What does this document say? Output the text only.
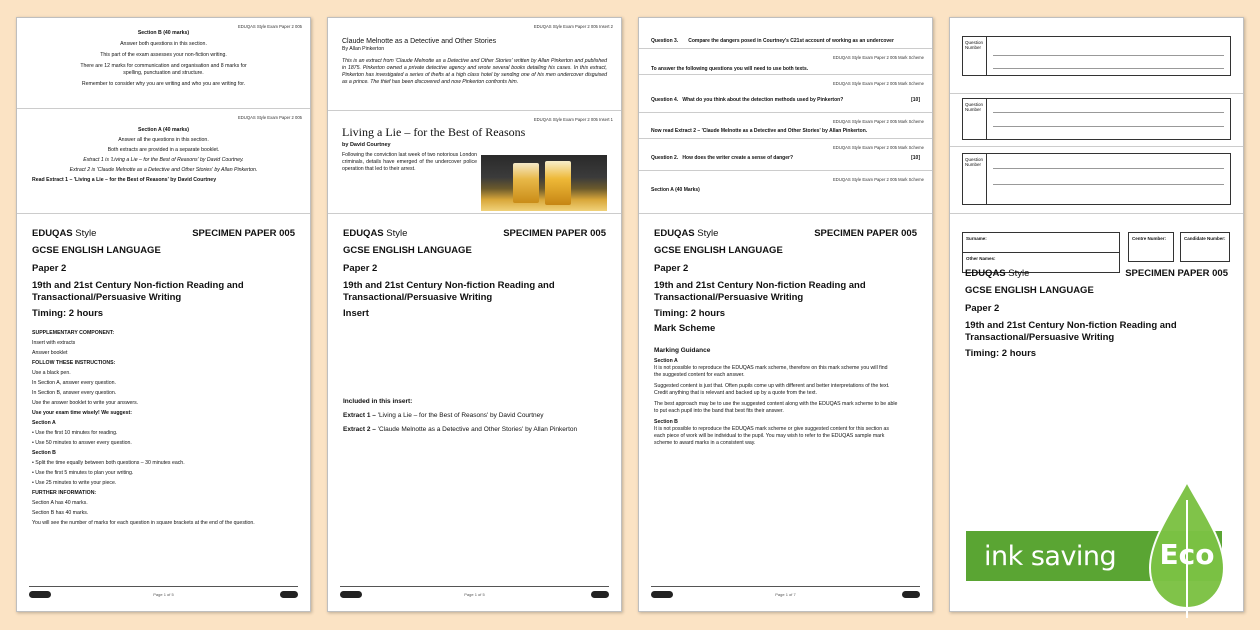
EDUQAS Style Exam Paper 2 005
Section B (40 marks)
Answer both questions in this section.
This part of the exam assesses your non-fiction writing.
There are 12 marks for communication and organisation and 8 marks for
spelling, punctuation and structure.
Remember to consider why you are writing and who you are writing for.
EDUQAS Style Exam Paper 2 005
Section A (40 marks)
Answer all the questions in this section.
Both extracts are provided in a separate booklet.
Extract 1 is 'Living a Lie – for the Best of Reasons' by David Courtney.
Extract 2 is 'Claude Melnotte as a Detective and Other Stories' by Allan Pinkerton.
Read Extract 1 – 'Living a Lie – for the Best of Reasons' by David Courtney
EDUQAS Style	SPECIMEN PAPER 005
GCSE ENGLISH LANGUAGE
Paper 2
19th and 21st Century Non-fiction Reading and
Transactional/Persuasive Writing
Timing: 2 hours
SUPPLEMENTARY COMPONENT:
Insert with extracts
Answer booklet
FOLLOW THESE INSTRUCTIONS:
Use a black pen.
In Section A, answer every question.
In Section B, answer every question.
Use the answer booklet to write your answers.
Use your exam time wisely! We suggest:
Section A
• Use the first 10 minutes for reading.
• Use 50 minutes to answer every question.
Section B
• Split the time equally between both questions – 30 minutes each.
• Use the first 5 minutes to plan your writing.
• Use 25 minutes to write your piece.
FURTHER INFORMATION:
Section A has 40 marks.
Section B has 40 marks.
You will see the number of marks for each question in square brackets at the end of the question.
Page 1 of 5
EDUQAS Style Exam Paper 2 005 Insert 2
Claude Melnotte as a Detective and Other Stories
By Allan Pinkerton
This is an extract from 'Claude Melnotte as a Detective and Other Stories' written by Allan Pinkerton and published in 1875. Pinkerton owned a private detective agency and wrote several books detailing his cases. In this extract, Pinkerton has investigated a series of thefts at a high class hotel by sending one of his men undercover disguised as a prince. The thief has been discovered and now Pinkerton confronts him.
EDUQAS Style Exam Paper 2 005 Insert 1
Living a Lie – for the Best of Reasons
by David Courtney
Following the conviction last week of two notorious London criminals, details have emerged of the undercover police operation that led to their arrest.
EDUQAS Style	SPECIMEN PAPER 005
GCSE ENGLISH LANGUAGE
Paper 2
19th and 21st Century Non-fiction Reading and
Transactional/Persuasive Writing
Insert
Included in this insert:
Extract 1 – 'Living a Lie – for the Best of Reasons' by David Courtney
Extract 2 – 'Claude Melnotte as a Detective and Other Stories' by Allan Pinkerton
Page 1 of 5
Question 3. Compare the dangers posed in Courtney's C21st account of working as an undercover
EDUQAS Style Exam Paper 2 005 Mark Scheme
To answer the following questions you will need to use both texts.
EDUQAS Style Exam Paper 2 005 Mark Scheme
Question 4. What do you think about the detection methods used by Pinkerton?	[10]
EDUQAS Style Exam Paper 2 005 Mark Scheme
Now read Extract 2 – 'Claude Melnotte as a Detective and Other Stories' by Allan Pinkerton.
EDUQAS Style Exam Paper 2 005 Mark Scheme
Question 2. How does the writer create a sense of danger?	[10]
EDUQAS Style Exam Paper 2 005 Mark Scheme
Section A (40 Marks)
EDUQAS Style	SPECIMEN PAPER 005
GCSE ENGLISH LANGUAGE
Paper 2
19th and 21st Century Non-fiction Reading and
Transactional/Persuasive Writing
Timing: 2 hours
Mark Scheme
Marking Guidance
Section A
It is not possible to reproduce the EDUQAS mark scheme, therefore on this mark scheme you will find
the suggested content for each answer.
Suggested content is just that. Often pupils come up with different and better interpretations of the text.
Credit anything that is relevant and backed up by a quote from the text.
The best approach may be to use the suggested content along with the EDUQAS mark scheme to be able
to put each pupil into the band that best fits their answer.
Section B
It is not possible to reproduce the EDUQAS mark scheme or give suggested content for this section as
each piece of work will be individual to the pupil. You may wish to refer to the EDUQAS sample mark
scheme to award marks in a consistent way.
Page 1 of 7
Question Number
Question Number
Question Number
Surname:
Other Names:
Centre Number:	Candidate Number:
EDUQAS Style	SPECIMEN PAPER 005
GCSE ENGLISH LANGUAGE
Paper 2
19th and 21st Century Non-fiction Reading and
Transactional/Persuasive Writing
Timing: 2 hours
ink saving Eco
